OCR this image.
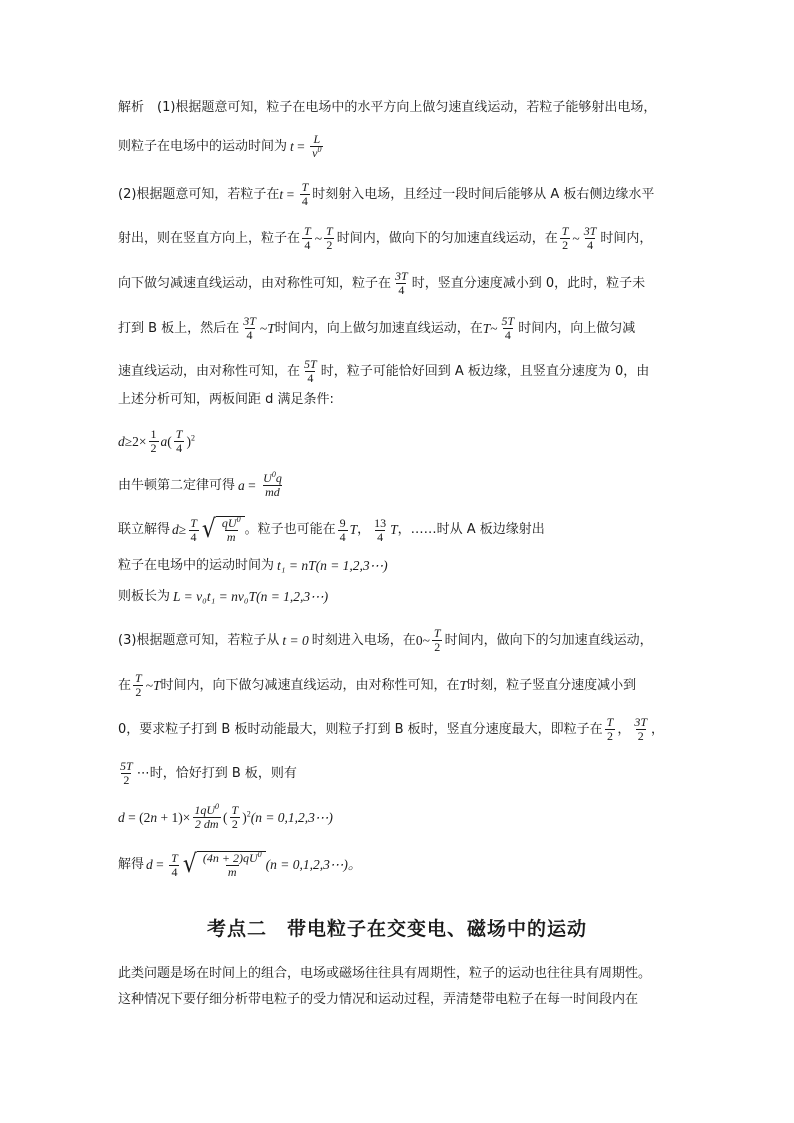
解析　(1)根据题意可知，粒子在电场中的水平方向上做匀速直线运动，若粒子能够射出电场，
则粒子在电场中的运动时间为 $t = \frac{L}{v^0}$
(2)根据题意可知，若粒子在 $t = \frac{T}{4}$ 时刻射入电场，且经过一段时间后能够从 A 板右侧边缘水平
射出，则在竖直方向上，粒子在 $\frac{T}{4}$ ~ $\frac{T}{2}$ 时间内，做向下的匀加速直线运动，在 $\frac{T}{2}$ ~ $\frac{3T}{4}$ 时间内，
向下做匀减速直线运动，由对称性可知，粒子在 $\frac{3T}{4}$ 时，竖直分速度减小到 0，此时，粒子未
打到 B 板上，然后在 $\frac{3T}{4}$ ~ T 时间内，向上做匀加速直线运动，在 T ~ $\frac{5T}{4}$ 时间内，向上做匀减
速直线运动，由对称性可知，在 $\frac{5T}{4}$ 时，粒子可能恰好回到 A 板边缘，且竖直分速度为 0，由
上述分析可知，两板间距 d 满足条件:
$d \ge 2\times \frac{1}{2}$ a ( $\frac{T}{4} )^2$
由牛顿第二定律可得 $a = \frac{U^0q}{md}$
联立解得 $d \ge \frac{T}{4}$ √ $\frac{qU^0}{m}$ 。粒子也可能在 $\frac{9}{4}$ T ， $\frac{13}{4}$ T ，……时从 A 板边缘射出
粒子在电场中的运动时间为 t₁ = nT(n = 1,2,3⋯)
则板长为 L = v₀t₁ = nv₀T(n = 1,2,3⋯)
(3)根据题意可知，若粒子从 t = 0 时刻进入电场，在 0~ $\frac{T}{2}$ 时间内，做向下的匀加速直线运动，
在 $\frac{T}{2}$ ~ T 时间内，向下做匀减速直线运动，由对称性可知，在 T 时刻，粒子竖直分速度减小到
0，要求粒子打到 B 板时动能最大，则粒子打到 B 板时，竖直分速度最大，即粒子在 $\frac{T}{2}$ ， $\frac{3T}{2}$ ，
$\frac{5T}{2}$ ⋯时，恰好打到 B 板，则有
d = (2 $n + 1)\times \frac{1qU^0}{2 dm}$ ( $\frac{T}{2} )^2$ (n = 0,1,2,3⋯)
解得 $d = \frac{T}{4}$ √ $\frac{(4n + 2)qU^0}{m} (n$ = 0,1,2,3⋯)。
考点二　带电粒子在交变电、磁场中的运动
此类问题是场在时间上的组合，电场或磁场往往具有周期性，粒子的运动也往往具有周期性。
这种情况下要仔细分析带电粒子的受力情况和运动过程，弄清楚带电粒子在每一时间段内在
